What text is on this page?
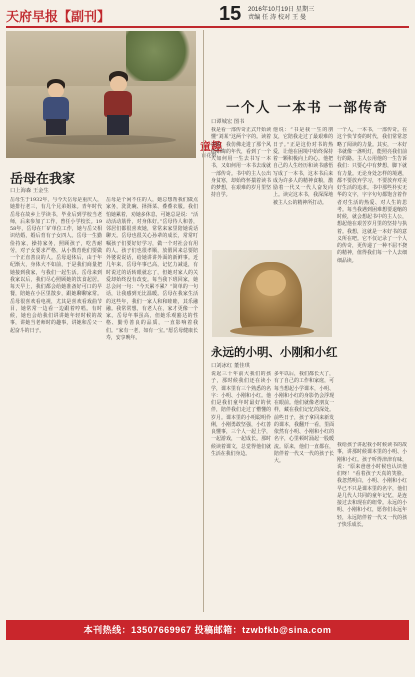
天府早报【副刊】	15 2016年10月19日 星期三
责编 任 涛 校对 王 曼
童趣
百花摄
岳母在我家
口上海森 王金生
岳母生于1932年，与今天岳母是重庆人，她排行老三，有几个兄弟姐妹。青年时代岳母在故乡上学读书，毕业后到学校当老师，后来参加了工作，曾任小学校长。1958年，岳母在厂矿单位工作，她与岳父相识结婚，婚后育有子女四人。岳母一生勤俭持家，操持家务，照顾孩子，吃苦耐劳，对子女要求严格，从小教育他们要做一个正直善良的人。岳母退休后，由于年纪渐大，身体大不如前，于是我们商量把她接到我家，与我们一起生活。岳母来到我家以后，我们尽心照顾她的饮食起居。每天早上，我们都会给她准备好可口的早餐，陪她在小区里散步，跟她聊聊家常。岳母很喜欢看电视，尤其是喜欢看戏曲节目，她常常一边看一边跟着哼唱。有时候，她也会给我们讲讲她年轻时候的故事，讲她当老师时的趣事，讲她和岳父一起奋斗的日子。
岳母是个闲不住的人，她总想帮我们做点家务，洗洗碗、择择菜、叠叠衣服。我们怕她累着，劝她多休息，可她总是说：“活动活动筋骨，对身体好。”岳母待人和善，邻居们都很喜欢她，常常来家里陪她说话聊天。岳母也很关心孙辈的成长，常常叮嘱孩子们要好好学习，做一个对社会有用的人。孩子们也很孝顺，放假回来总要陪外婆说说话，给她讲讲外面的新鲜事。近几年来，岳母年事已高，记忆力减退，有时说过的话转眼就忘了，但她对家人的关爱却始终没有改变。每当我下班回家，她总会问一句：“今天累不累？”简单的一句话，让我感到无比温暖。岳母在我家生活的这些年，我们一家人和和睦睦，其乐融融。我常常想，有老人在，家才更像一个家。岳母年事虽高，但她乐观豁达的性格、勤劳善良的品质，一直影响着我们。“家有一老，如有一宝。”愿岳母健康长寿，安享晚年。
一个人 一本书 一部传奇
口谭城宏 图书
我是看一部传奇正式开始读懂“刘某”这两个字的。读着读着，我仿佛走进了那个风雨如晦的年代，看到了一个人如何用一生去书写一本书，又如何用一本书去成就一部传奇。书中的主人公出身贫寒，却始终怀揣着读书的梦想，在艰难的岁月里坚持自学。
他说：“书是我一生的朋友，它陪我走过了最艰难的日子。”正是这份对书的热爱，让他在困境中始终保持着一颗积极向上的心。他把自己的人生经历和读书感悟写成了一本书，这本书后来成为许多人的精神食粮，激励着一代又一代人奋发向上。读完这本书，我深深地被主人公的精神所打动。
一个人，一本书，一部传奇。在这个快节奏的时代，我们常常忽略了阅读的力量。其实，一本好书就像一盏明灯，能照亮我们前行的路。主人公用他的一生告诉我们：只要心中有梦想，脚下就有力量。无论身处怎样的境遇，都不要放弃学习，不要放弃对美好生活的追求。书中那些朴实无华的文字，字字句句都饱含着作者对生活的热爱、对人生的思考。每当我遇到困难想要退缩的时候，就会想起书中的主人公，想起他在艰苦岁月里的坚持与执着。我想，这就是一本好书的意义所在吧。它不仅记录了一个人的传奇，更传递了一种不屈不挠的精神，值得我们每一个人去细细品读。
永远的小明、小刚和小红
口刘冰红 董佳琪
说起三十年前大我们的孩子，那时候我们还在读小学，课本里有三个熟悉的名字：小明、小刚和小红。他们是我们童年时最好的伙伴，陪伴我们走过了懵懂的岁月。课本里的小明聪明伶俐，小刚勇敢坚强，小红善良懂事，三个人一起上学，一起游戏，一起成长。那时候读着课文，总觉得他们就生活在我们身边。
多年以后，我们都长大了，有了自己的工作和家庭，可每当想起小学课本，小明、小刚和小红的身影仍会浮现在眼前。他们就像老朋友一样，藏在我们记忆的深处。前些日子，孩子拿回来新发的课本，我翻开一看，里面依然有小明、小刚和小红的名字，心里顿时涌起一股暖流。原来，他们一直都在，陪伴着一代又一代的孩子长大。
我给孩子讲起我小时候读书的故事，讲那时候课本里的小明、小刚和小红。孩子听得津津有味，说：“原来爸爸小时候也认识他们呀！”看着孩子天真的笑脸，我忽然明白，小明、小刚和小红早已不只是课本里的名字，他们是几代人共同的童年记忆，是连接过去和现在的纽带。永远的小明、小刚和小红，愿你们永远年轻，永远陪伴着一代又一代的孩子快乐成长。
本刊热线：13507669967 投稿邮箱：tzwbfkb@sina.com
